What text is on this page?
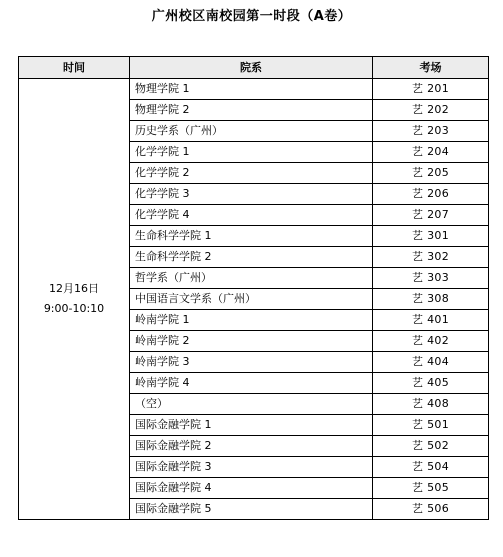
广州校区南校园第一时段（A卷）
时间	院系	考场

12月16日
9:00-10:10	物理学院 1	艺 201
	物理学院 2	艺 202
	历史学系（广州）	艺 203
	化学学院 1	艺 204
	化学学院 2	艺 205
	化学学院 3	艺 206
	化学学院 4	艺 207
	生命科学学院 1	艺 301
	生命科学学院 2	艺 302
	哲学系（广州）	艺 303
	中国语言文学系（广州）	艺 308
	岭南学院 1	艺 401
	岭南学院 2	艺 402
	岭南学院 3	艺 404
	岭南学院 4	艺 405
	（空）	艺 408
	国际金融学院 1	艺 501
	国际金融学院 2	艺 502
	国际金融学院 3	艺 504
	国际金融学院 4	艺 505
	国际金融学院 5	艺 506
